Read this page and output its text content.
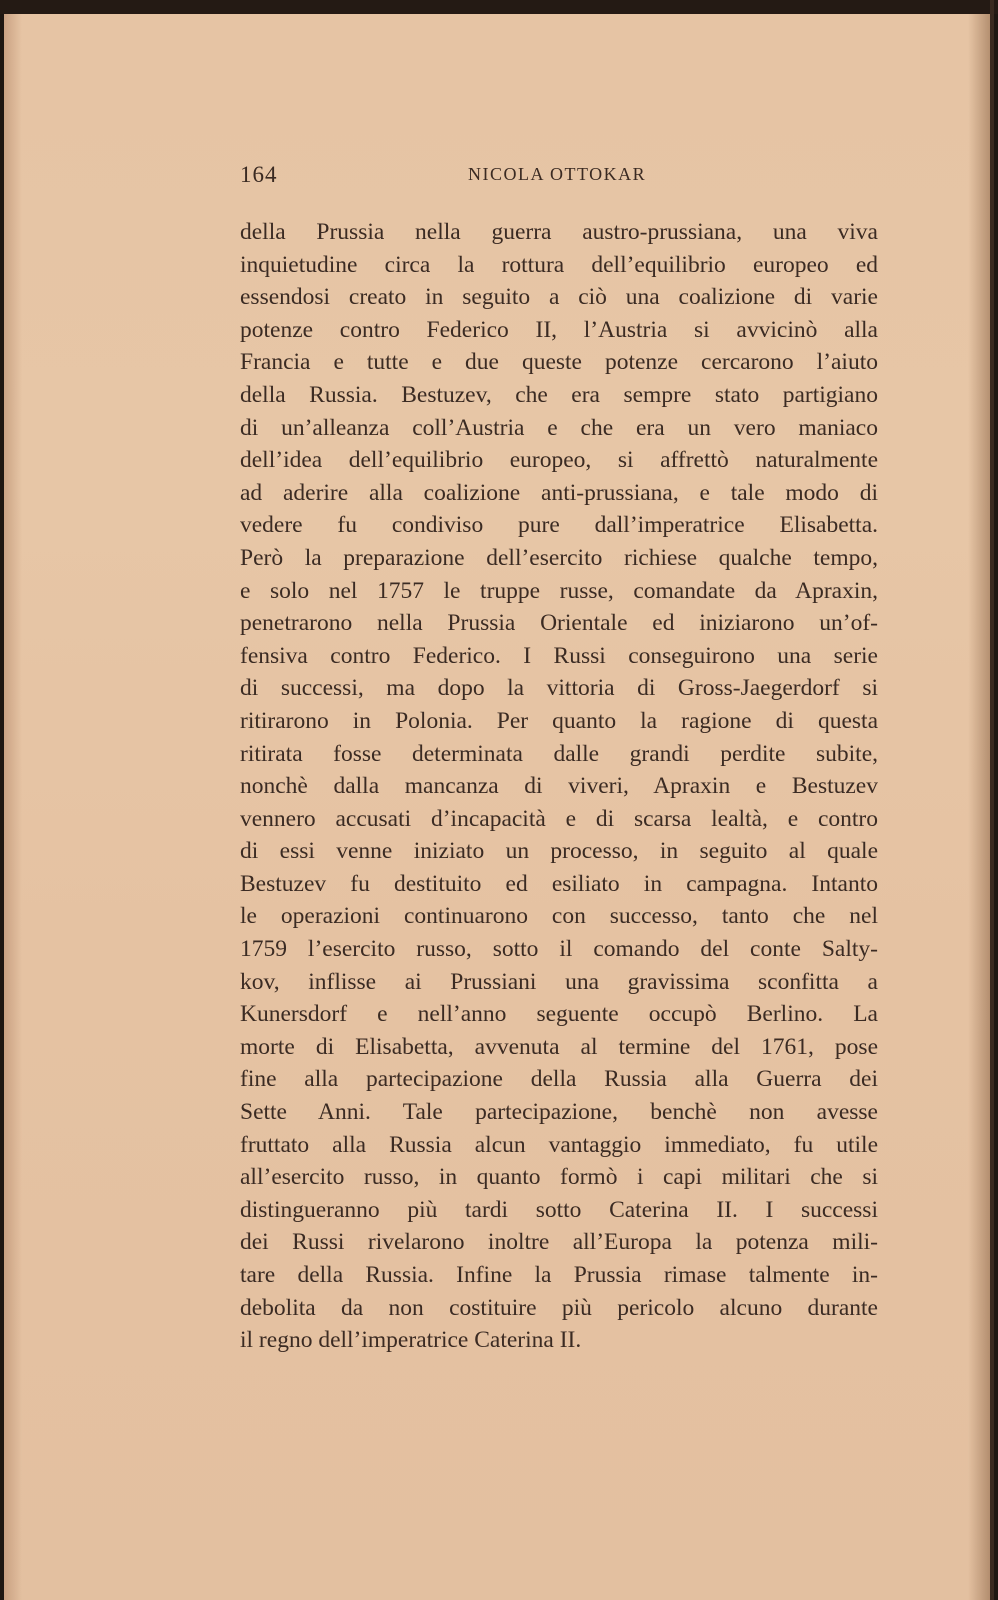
164	NICOLA OTTOKAR
della Prussia nella guerra austro-prussiana, una viva
inquietudine circa la rottura dell’equilibrio europeo ed
essendosi creato in seguito a ciò una coalizione di varie
potenze contro Federico II, l’Austria si avvicinò alla
Francia e tutte e due queste potenze cercarono l’aiuto
della Russia. Bestuzev, che era sempre stato partigiano
di un’alleanza coll’Austria e che era un vero maniaco
dell’idea dell’equilibrio europeo, si affrettò naturalmente
ad aderire alla coalizione anti-prussiana, e tale modo di
vedere fu condiviso pure dall’imperatrice Elisabetta.
Però la preparazione dell’esercito richiese qualche tempo,
e solo nel 1757 le truppe russe, comandate da Apraxin,
penetrarono nella Prussia Orientale ed iniziarono un’of-
fensiva contro Federico. I Russi conseguirono una serie
di successi, ma dopo la vittoria di Gross-Jaegerdorf si
ritirarono in Polonia. Per quanto la ragione di questa
ritirata fosse determinata dalle grandi perdite subite,
nonchè dalla mancanza di viveri, Apraxin e Bestuzev
vennero accusati d’incapacità e di scarsa lealtà, e contro
di essi venne iniziato un processo, in seguito al quale
Bestuzev fu destituito ed esiliato in campagna. Intanto
le operazioni continuarono con successo, tanto che nel
1759 l’esercito russo, sotto il comando del conte Salty-
kov, inflisse ai Prussiani una gravissima sconfitta a
Kunersdorf e nell’anno seguente occupò Berlino. La
morte di Elisabetta, avvenuta al termine del 1761, pose
fine alla partecipazione della Russia alla Guerra dei
Sette Anni. Tale partecipazione, benchè non avesse
fruttato alla Russia alcun vantaggio immediato, fu utile
all’esercito russo, in quanto formò i capi militari che si
distingueranno più tardi sotto Caterina II. I successi
dei Russi rivelarono inoltre all’Europa la potenza mili-
tare della Russia. Infine la Prussia rimase talmente in-
debolita da non costituire più pericolo alcuno durante
il regno dell’imperatrice Caterina II.
